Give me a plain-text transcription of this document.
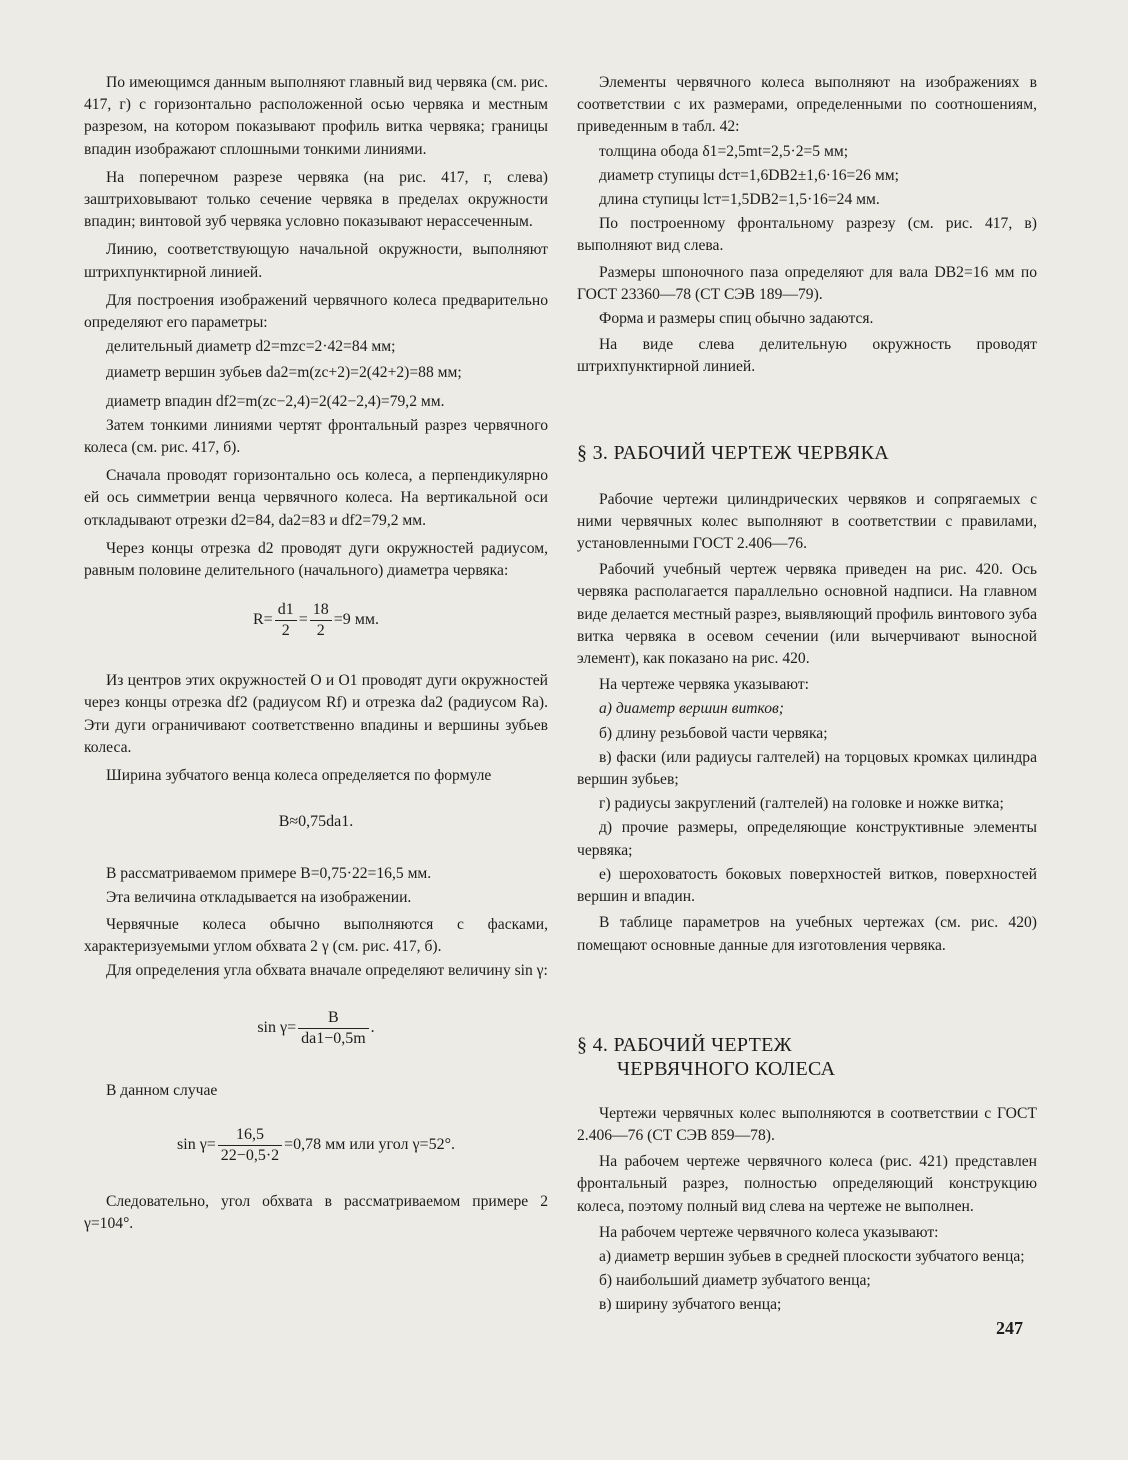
По имеющимся данным выполняют главный вид червяка (см. рис. 417, г) с горизонтально расположенной осью червяка и местным разрезом, на котором показывают профиль витка червяка; границы впадин изображают сплошными тонкими линиями.

На поперечном разрезе червяка (на рис. 417, г, слева) заштриховывают только сечение червяка в пределах окружности впадин; винтовой зуб червяка условно показывают нерассеченным.

Линию, соответствующую начальной окружности, выполняют штрихпунктирной линией.

Для построения изображений червячного колеса предварительно определяют его параметры:

делительный диаметр d2=mzc=2·42=84 мм;

диаметр вершин зубьев da2=m(zc+2)=2(42+2)=88 мм;

диаметр впадин df2=m(zc−2,4)=2(42−2,4)=79,2 мм.

Затем тонкими линиями чертят фронтальный разрез червячного колеса (см. рис. 417, б).

Сначала проводят горизонтально ось колеса, а перпендикулярно ей ось симметрии венца червячного колеса. На вертикальной оси откладывают отрезки d2=84, da2=83 и df2=79,2 мм.

Через концы отрезка d2 проводят дуги окружностей радиусом, равным половине делительного (начального) диаметра червяка:

$R= \frac{d1}{2} = \frac{18}{2} =9$ мм.

Из центров этих окружностей O и O1 проводят дуги окружностей через концы отрезка df2 (радиусом Rf) и отрезка da2 (радиусом Ra). Эти дуги ограничивают соответственно впадины и вершины зубьев колеса.

Ширина зубчатого венца колеса определяется по формуле

B≈0,75da1.

В рассматриваемом примере B=0,75·22=16,5 мм.

Эта величина откладывается на изображении.

Червячные колеса обычно выполняются с фасками, характеризуемыми углом обхвата 2 γ (см. рис. 417, б).

Для определения угла обхвата вначале определяют величину sin γ:

$\sin \gamma= \frac{B}{da1-0,5m}$ .

В данном случае

$\sin \gamma= \frac{16,5}{22-0,5\cdot 2} =0,78$ мм или угол γ=52°.

Следовательно, угол обхвата в рассматриваемом примере 2 γ=104°.

Элементы червячного колеса выполняют на изображениях в соответствии с их размерами, определенными по соотношениям, приведенным в табл. 42:

толщина обода δ1=2,5mt=2,5·2=5 мм;

диаметр ступицы dст=1,6DB2±1,6·16=26 мм;

длина ступицы lст=1,5DB2=1,5·16=24 мм.

По построенному фронтальному разрезу (см. рис. 417, в) выполняют вид слева.

Размеры шпоночного паза определяют для вала DB2=16 мм по ГОСТ 23360—78 (СТ СЭВ 189—79).

Форма и размеры спиц обычно задаются.

На виде слева делительную окружность проводят штрихпунктирной линией.

§ 3. РАБОЧИЙ ЧЕРТЕЖ ЧЕРВЯКА

Рабочие чертежи цилиндрических червяков и сопрягаемых с ними червячных колес выполняют в соответствии с правилами, установленными ГОСТ 2.406—76.

Рабочий учебный чертеж червяка приведен на рис. 420. Ось червяка располагается параллельно основной надписи. На главном виде делается местный разрез, выявляющий профиль винтового зуба витка червяка в осевом сечении (или вычерчивают выносной элемент), как показано на рис. 420.

На чертеже червяка указывают:

а) диаметр вершин витков;

б) длину резьбовой части червяка;

в) фаски (или радиусы галтелей) на торцовых кромках цилиндра вершин зубьев;

г) радиусы закруглений (галтелей) на головке и ножке витка;

д) прочие размеры, определяющие конструктивные элементы червяка;

е) шероховатость боковых поверхностей витков, поверхностей вершин и впадин.

В таблице параметров на учебных чертежах (см. рис. 420) помещают основные данные для изготовления червяка.

§ 4. РАБОЧИЙ ЧЕРТЕЖ
ЧЕРВЯЧНОГО КОЛЕСА

Чертежи червячных колес выполняются в соответствии с ГОСТ 2.406—76 (СТ СЭВ 859—78).

На рабочем чертеже червячного колеса (рис. 421) представлен фронтальный разрез, полностью определяющий конструкцию колеса, поэтому полный вид слева на чертеже не выполнен.

На рабочем чертеже червячного колеса указывают:

а) диаметр вершин зубьев в средней плоскости зубчатого венца;

б) наибольший диаметр зубчатого венца;

в) ширину зубчатого венца;

247
